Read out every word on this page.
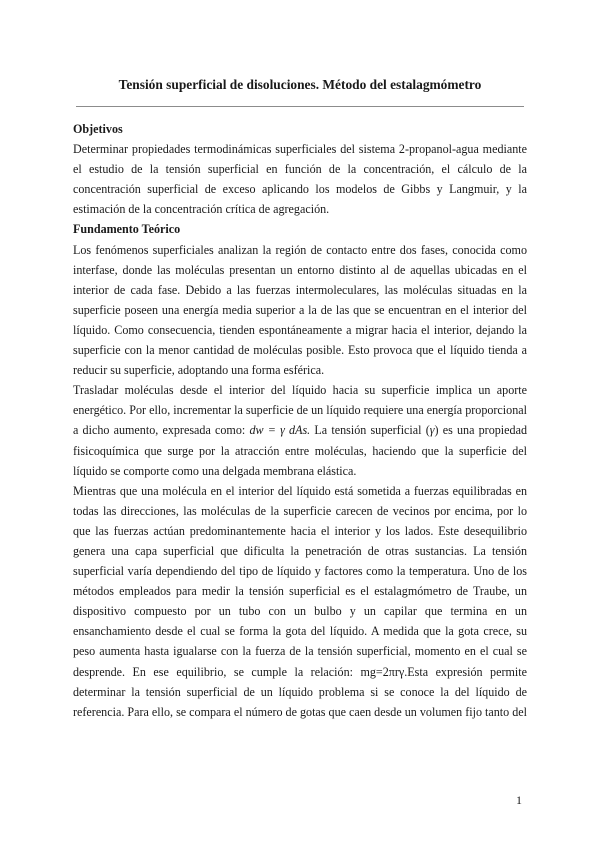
Tensión superficial de disoluciones. Método del estalagmómetro
Objetivos

Determinar propiedades termodinámicas superficiales del sistema 2-propanol-agua mediante el estudio de la tensión superficial en función de la concentración, el cálculo de la concentración superficial de exceso aplicando los modelos de Gibbs y Langmuir, y la estimación de la concentración crítica de agregación.

Fundamento Teórico

Los fenómenos superficiales analizan la región de contacto entre dos fases, conocida como interfase, donde las moléculas presentan un entorno distinto al de aquellas ubicadas en el interior de cada fase. Debido a las fuerzas intermoleculares, las moléculas situadas en la superficie poseen una energía media superior a la de las que se encuentran en el interior del líquido. Como consecuencia, tienden espontáneamente a migrar hacia el interior, dejando la superficie con la menor cantidad de moléculas posible. Esto provoca que el líquido tienda a reducir su superficie, adoptando una forma esférica.

Trasladar moléculas desde el interior del líquido hacia su superficie implica un aporte energético. Por ello, incrementar la superficie de un líquido requiere una energía proporcional a dicho aumento, expresada como: dw = γ dAs. La tensión superficial (γ) es una propiedad fisicoquímica que surge por la atracción entre moléculas, haciendo que la superficie del líquido se comporte como una delgada membrana elástica.

Mientras que una molécula en el interior del líquido está sometida a fuerzas equilibradas en todas las direcciones, las moléculas de la superficie carecen de vecinos por encima, por lo que las fuerzas actúan predominantemente hacia el interior y los lados. Este desequilibrio genera una capa superficial que dificulta la penetración de otras sustancias. La tensión superficial varía dependiendo del tipo de líquido y factores como la temperatura. Uno de los métodos empleados para medir la tensión superficial es el estalagmómetro de Traube, un dispositivo compuesto por un tubo con un bulbo y un capilar que termina en un ensanchamiento desde el cual se forma la gota del líquido. A medida que la gota crece, su peso aumenta hasta igualarse con la fuerza de la tensión superficial, momento en el cual se desprende. En ese equilibrio, se cumple la relación: mg=2πrγ.Esta expresión permite determinar la tensión superficial de un líquido problema si se conoce la del líquido de referencia. Para ello, se compara el número de gotas que caen desde un volumen fijo tanto del

1
